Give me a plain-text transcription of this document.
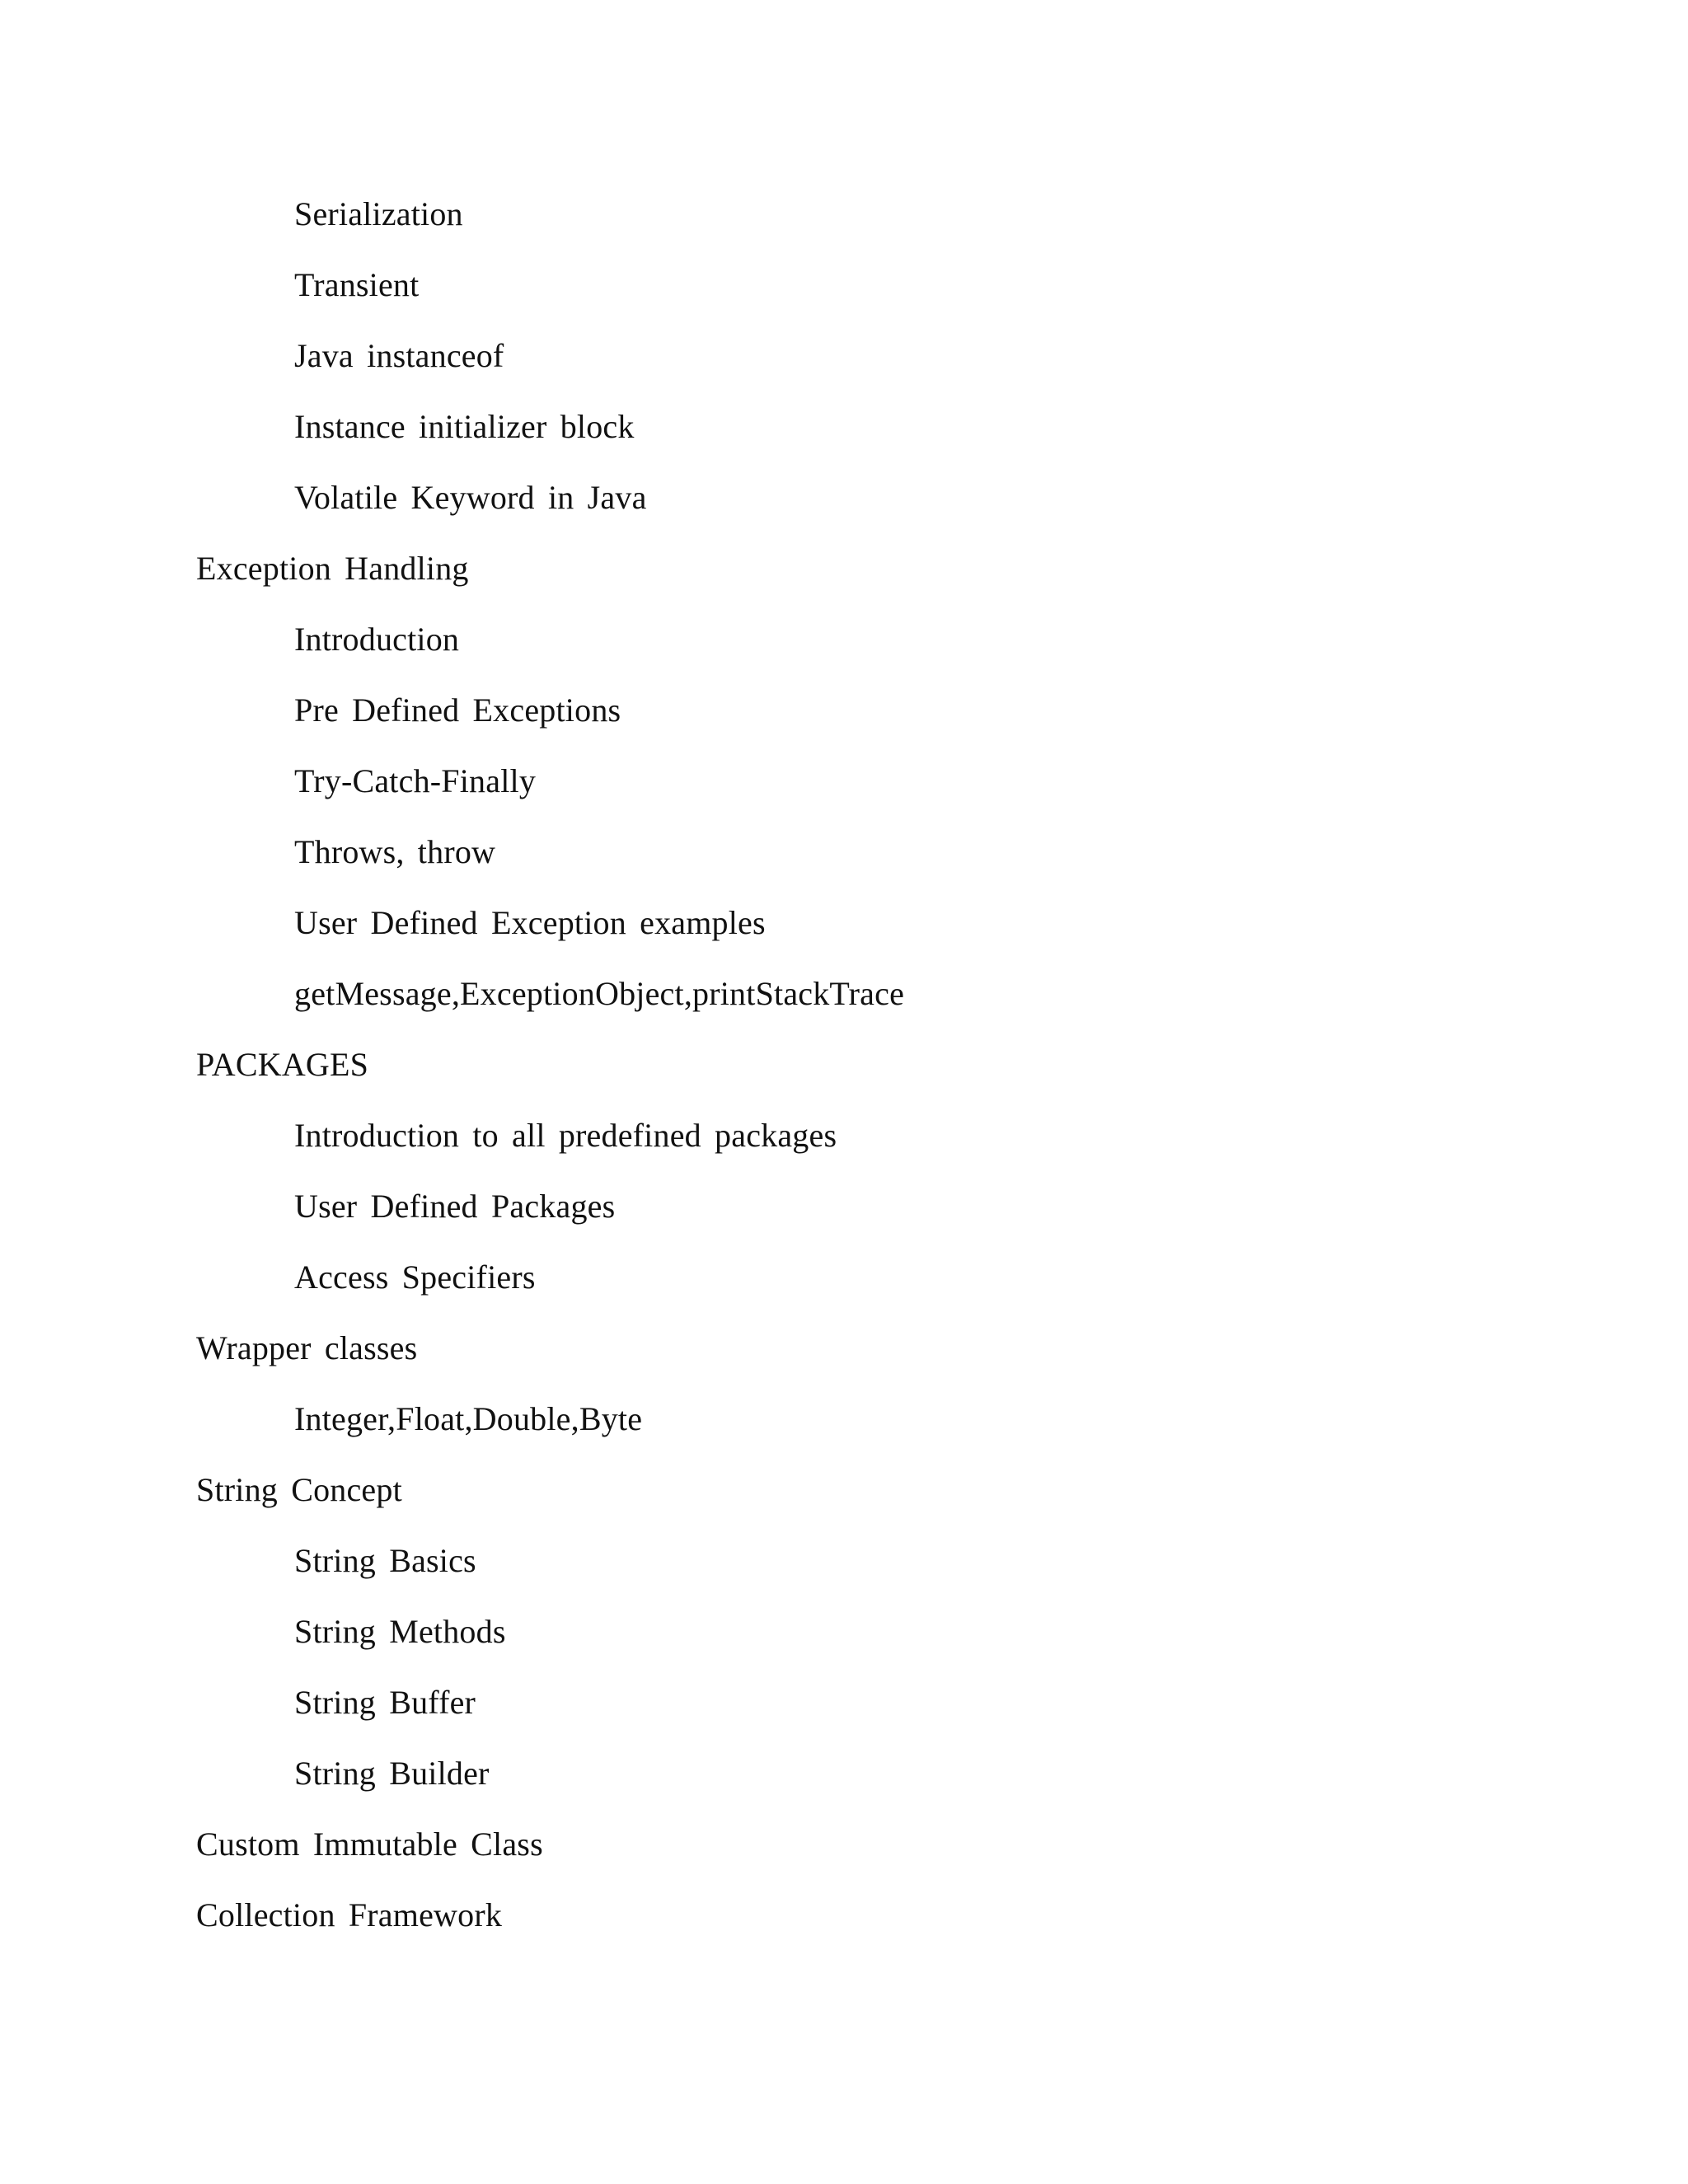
Serialization
Transient
Java instanceof
Instance initializer block
Volatile Keyword in Java
Exception Handling
Introduction
Pre Defined Exceptions
Try-Catch-Finally
Throws, throw
User Defined Exception examples
getMessage,ExceptionObject,printStackTrace
PACKAGES
Introduction to all predefined packages
User Defined Packages
Access Specifiers
Wrapper classes
Integer,Float,Double,Byte
String Concept
String Basics
String Methods
String Buffer
String Builder
Custom Immutable Class
Collection Framework
